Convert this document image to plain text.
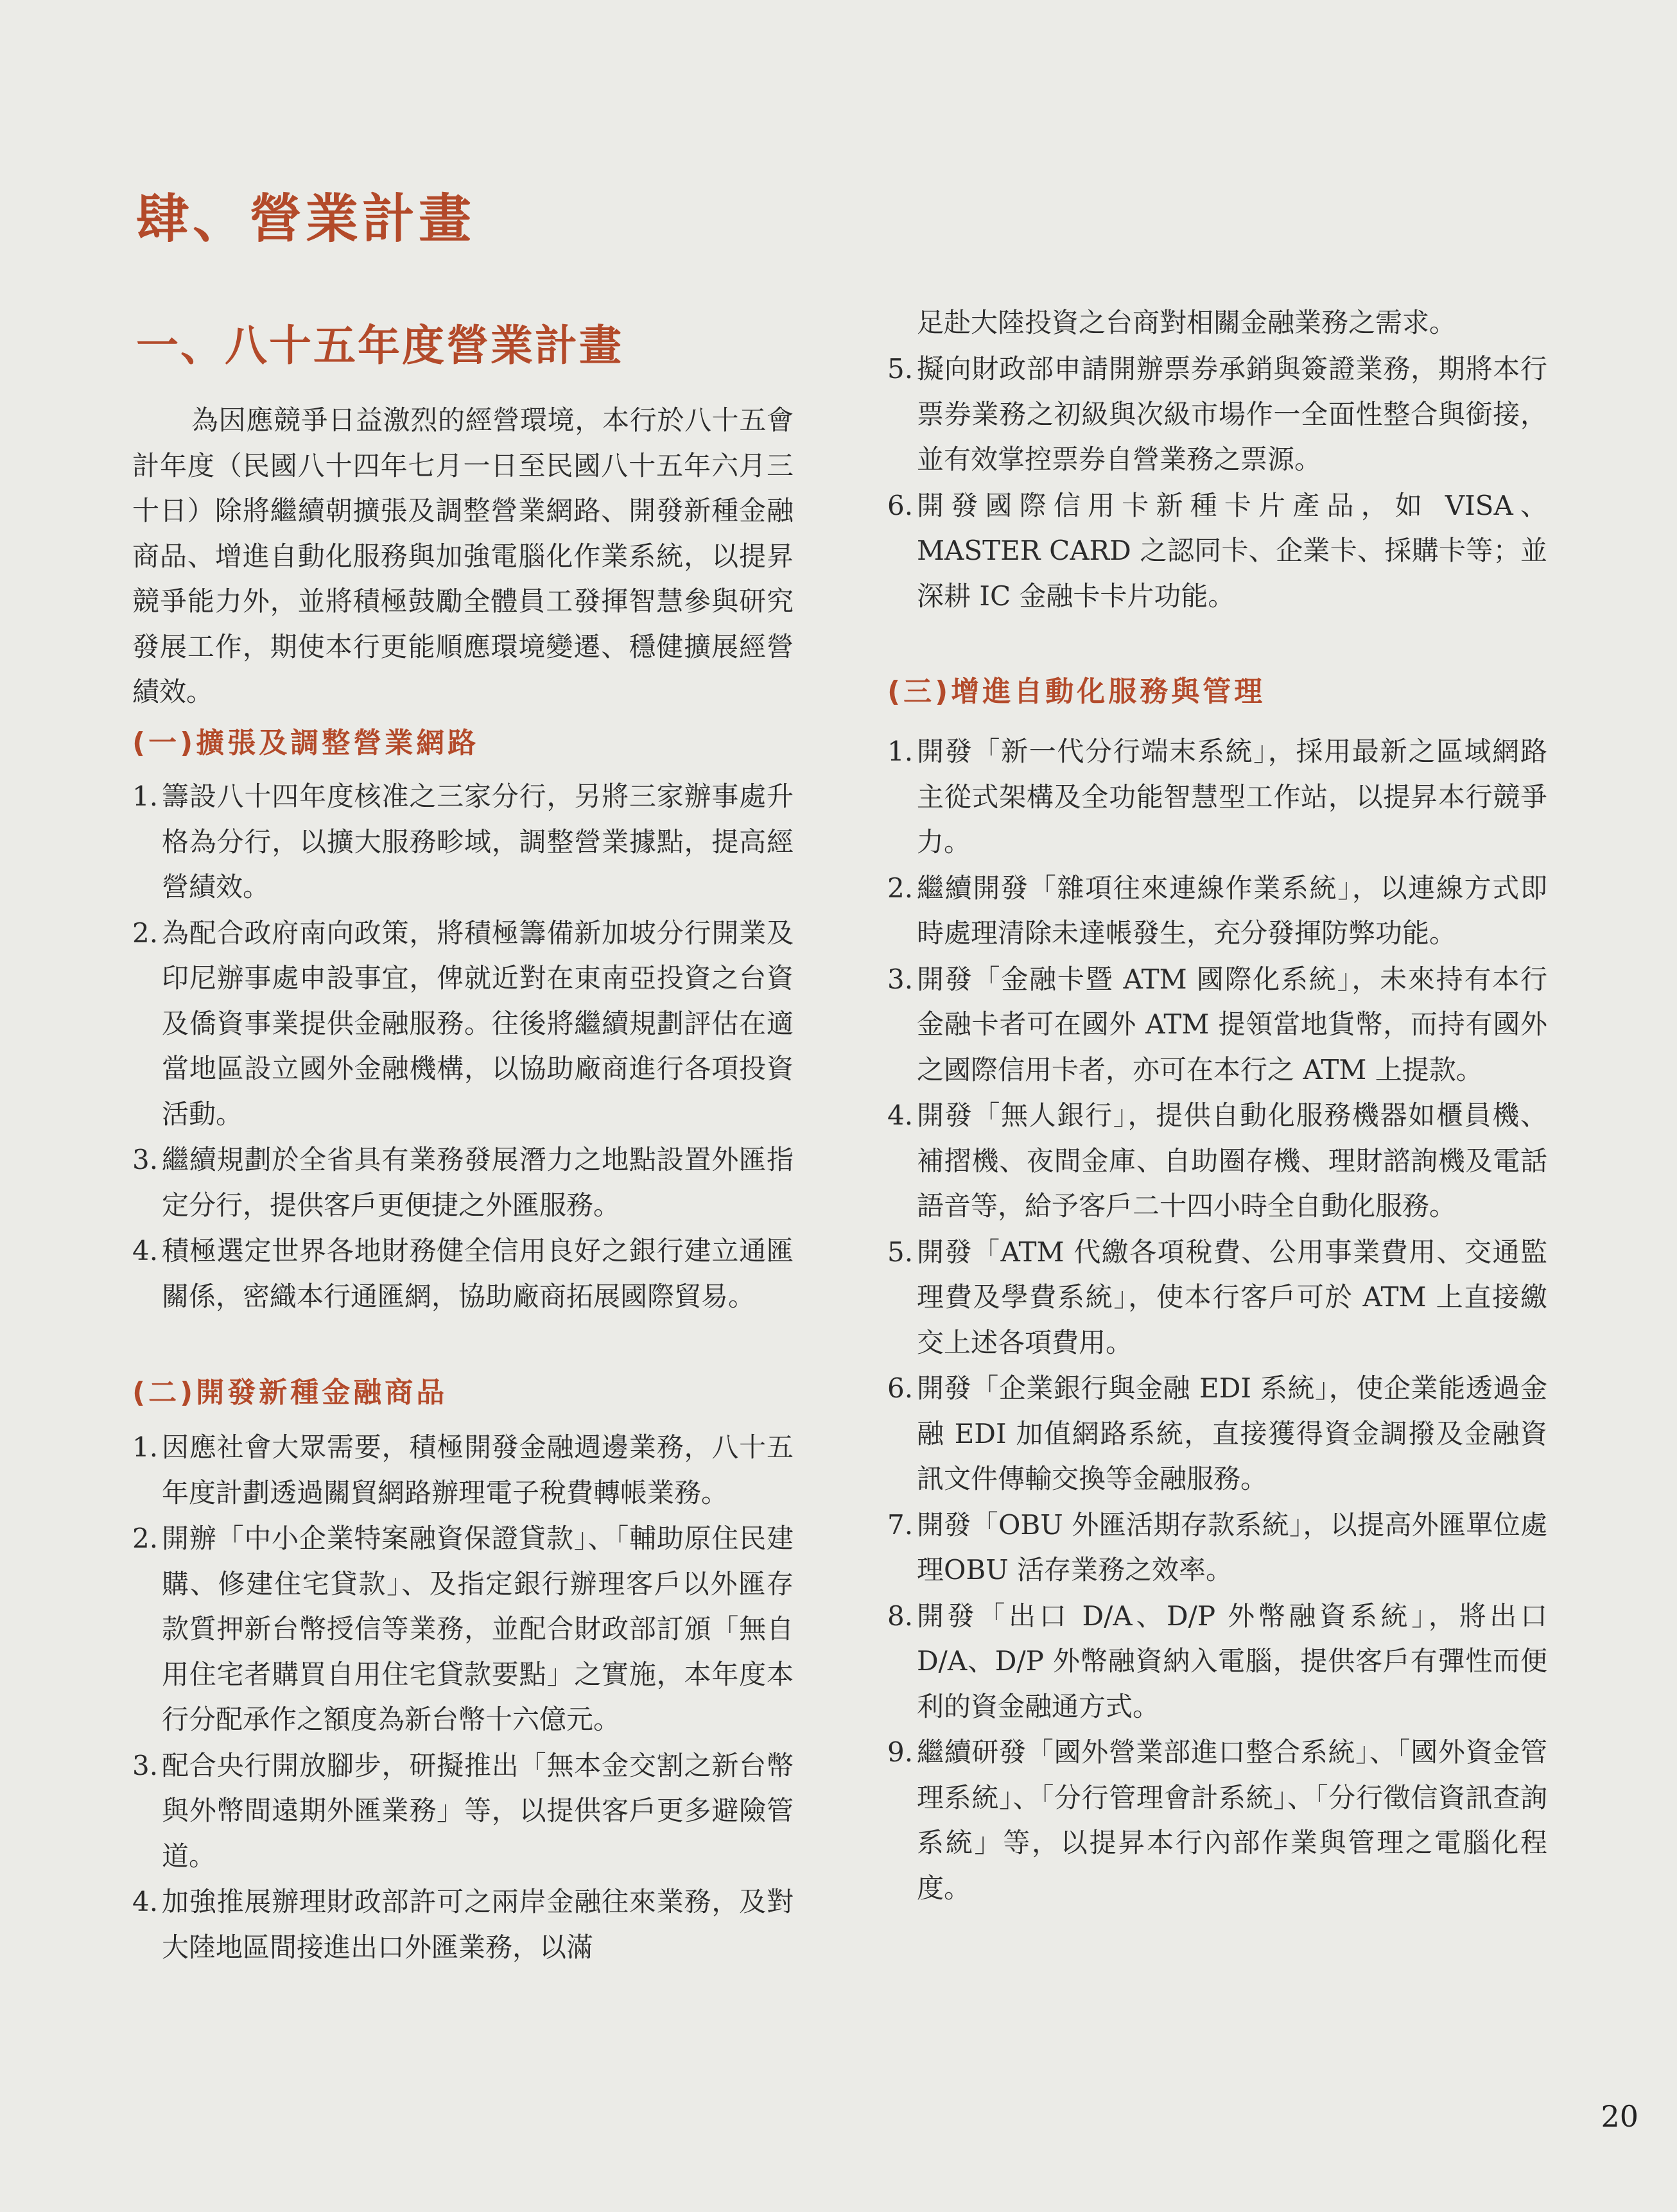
肆、營業計畫
一、八十五年度營業計畫

為因應競爭日益激烈的經營環境，本行於八十五會計年度（民國八十四年七月一日至民國八十五年六月三十日）除將繼續朝擴張及調整營業網路、開發新種金融商品、增進自動化服務與加強電腦化作業系統，以提昇競爭能力外，並將積極鼓勵全體員工發揮智慧參與研究發展工作，期使本行更能順應環境變遷、穩健擴展經營績效。

(一)擴張及調整營業網路
1. 籌設八十四年度核准之三家分行，另將三家辦事處升格為分行，以擴大服務畛域，調整營業據點，提高經營績效。
2. 為配合政府南向政策，將積極籌備新加坡分行開業及印尼辦事處申設事宜，俾就近對在東南亞投資之台資及僑資事業提供金融服務。往後將繼續規劃評估在適當地區設立國外金融機構，以協助廠商進行各項投資活動。
3. 繼續規劃於全省具有業務發展潛力之地點設置外匯指定分行，提供客戶更便捷之外匯服務。
4. 積極選定世界各地財務健全信用良好之銀行建立通匯關係，密織本行通匯網，協助廠商拓展國際貿易。
(二)開發新種金融商品
1. 因應社會大眾需要，積極開發金融週邊業務，八十五年度計劃透過關貿網路辦理電子稅費轉帳業務。
2. 開辦「中小企業特案融資保證貸款」、「輔助原住民建購、修建住宅貸款」、及指定銀行辦理客戶以外匯存款質押新台幣授信等業務，並配合財政部訂頒「無自用住宅者購買自用住宅貸款要點」之實施，本年度本行分配承作之額度為新台幣十六億元。
3. 配合央行開放腳步，研擬推出「無本金交割之新台幣與外幣間遠期外匯業務」等，以提供客戶更多避險管道。
4. 加強推展辦理財政部許可之兩岸金融往來業務，及對大陸地區間接進出口外匯業務，以滿

足赴大陸投資之台商對相關金融業務之需求。

5. 擬向財政部申請開辦票券承銷與簽證業務，期將本行票券業務之初級與次級市場作一全面性整合與銜接，並有效掌控票券自營業務之票源。
6. 開發國際信用卡新種卡片產品，如 VISA、MASTER CARD 之認同卡、企業卡、採購卡等；並深耕 IC 金融卡卡片功能。
(三)增進自動化服務與管理
1. 開發「新一代分行端末系統」，採用最新之區域網路主從式架構及全功能智慧型工作站，以提昇本行競爭力。
2. 繼續開發「雜項往來連線作業系統」，以連線方式即時處理清除未達帳發生，充分發揮防弊功能。
3. 開發「金融卡暨 ATM 國際化系統」，未來持有本行金融卡者可在國外 ATM 提領當地貨幣，而持有國外之國際信用卡者，亦可在本行之 ATM 上提款。
4. 開發「無人銀行」，提供自動化服務機器如櫃員機、補摺機、夜間金庫、自助圈存機、理財諮詢機及電話語音等，給予客戶二十四小時全自動化服務。
5. 開發「ATM 代繳各項稅費、公用事業費用、交通監理費及學費系統」，使本行客戶可於 ATM 上直接繳交上述各項費用。
6. 開發「企業銀行與金融 EDI 系統」，使企業能透過金融 EDI 加值網路系統，直接獲得資金調撥及金融資訊文件傳輸交換等金融服務。
7. 開發「OBU 外匯活期存款系統」，以提高外匯單位處理OBU 活存業務之效率。
8. 開發「出口 D/A、D/P 外幣融資系統」，將出口 D/A、D/P 外幣融資納入電腦，提供客戶有彈性而便利的資金融通方式。
9. 繼續研發「國外營業部進口整合系統」、「國外資金管理系統」、「分行管理會計系統」、「分行徵信資訊查詢系統」等，以提昇本行內部作業與管理之電腦化程度。
20
